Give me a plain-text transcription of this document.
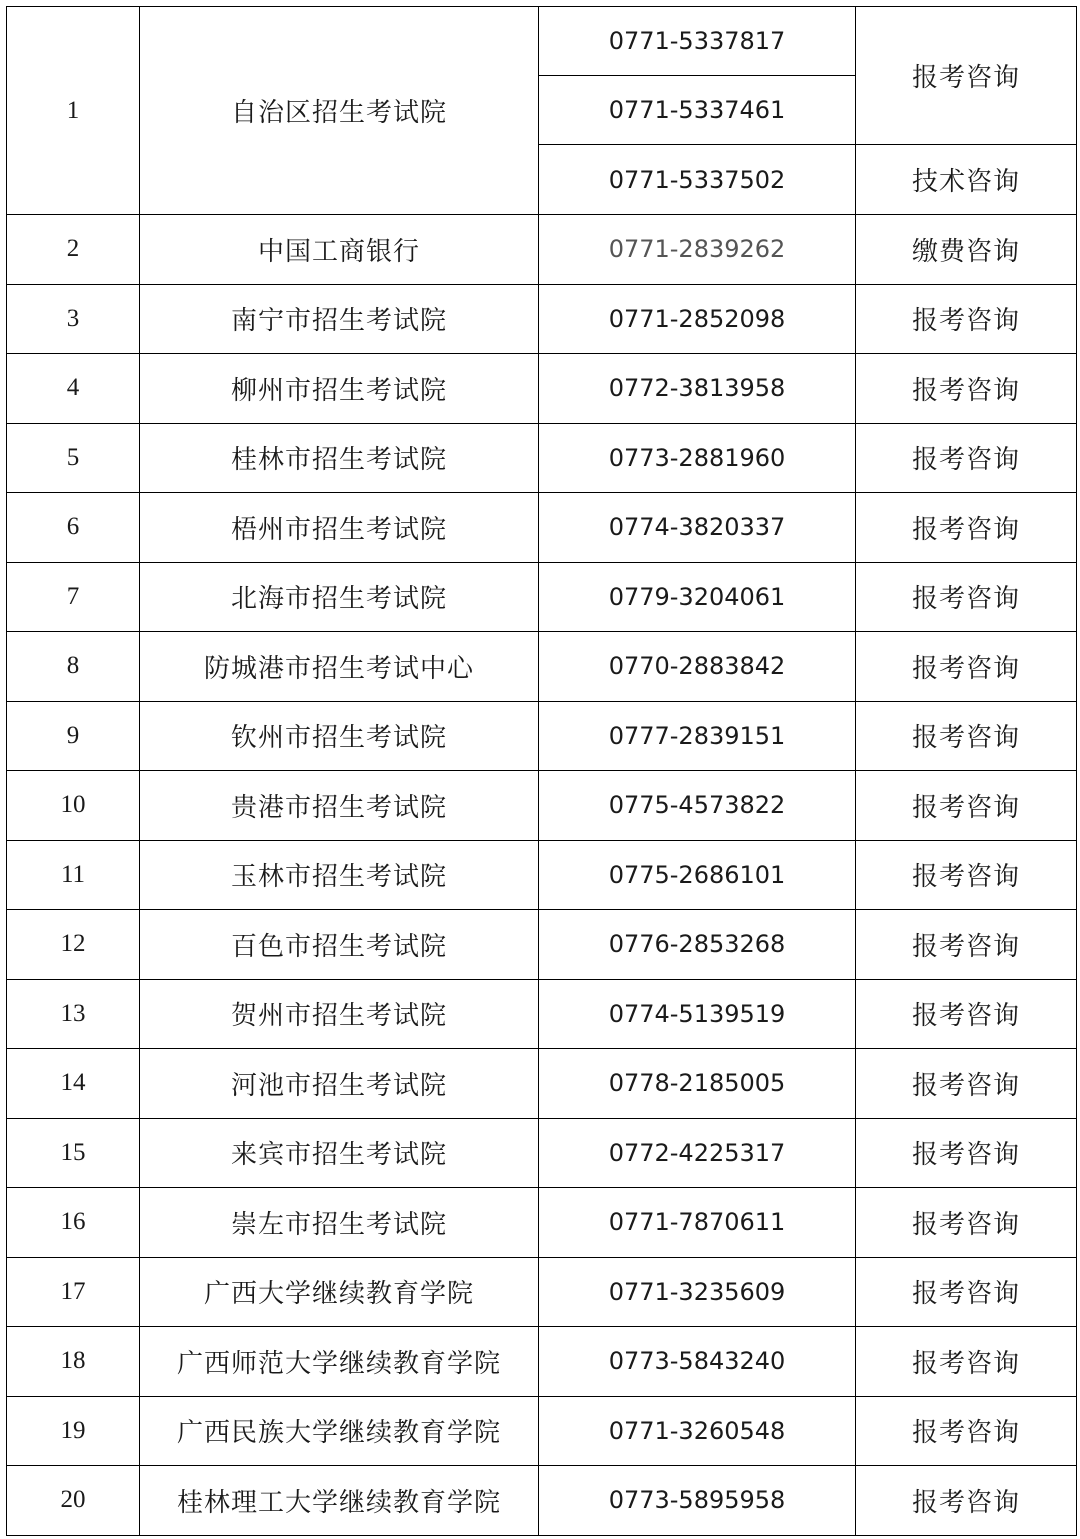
1	自治区招生考试院	0771-5337817	报考咨询
		0771-5337461	
		0771-5337502	技术咨询
2	中国工商银行	0771-2839262	缴费咨询
3	南宁市招生考试院	0771-2852098	报考咨询
4	柳州市招生考试院	0772-3813958	报考咨询
5	桂林市招生考试院	0773-2881960	报考咨询
6	梧州市招生考试院	0774-3820337	报考咨询
7	北海市招生考试院	0779-3204061	报考咨询
8	防城港市招生考试中心	0770-2883842	报考咨询
9	钦州市招生考试院	0777-2839151	报考咨询
10	贵港市招生考试院	0775-4573822	报考咨询
11	玉林市招生考试院	0775-2686101	报考咨询
12	百色市招生考试院	0776-2853268	报考咨询
13	贺州市招生考试院	0774-5139519	报考咨询
14	河池市招生考试院	0778-2185005	报考咨询
15	来宾市招生考试院	0772-4225317	报考咨询
16	崇左市招生考试院	0771-7870611	报考咨询
17	广西大学继续教育学院	0771-3235609	报考咨询
18	广西师范大学继续教育学院	0773-5843240	报考咨询
19	广西民族大学继续教育学院	0771-3260548	报考咨询
20	桂林理工大学继续教育学院	0773-5895958	报考咨询
